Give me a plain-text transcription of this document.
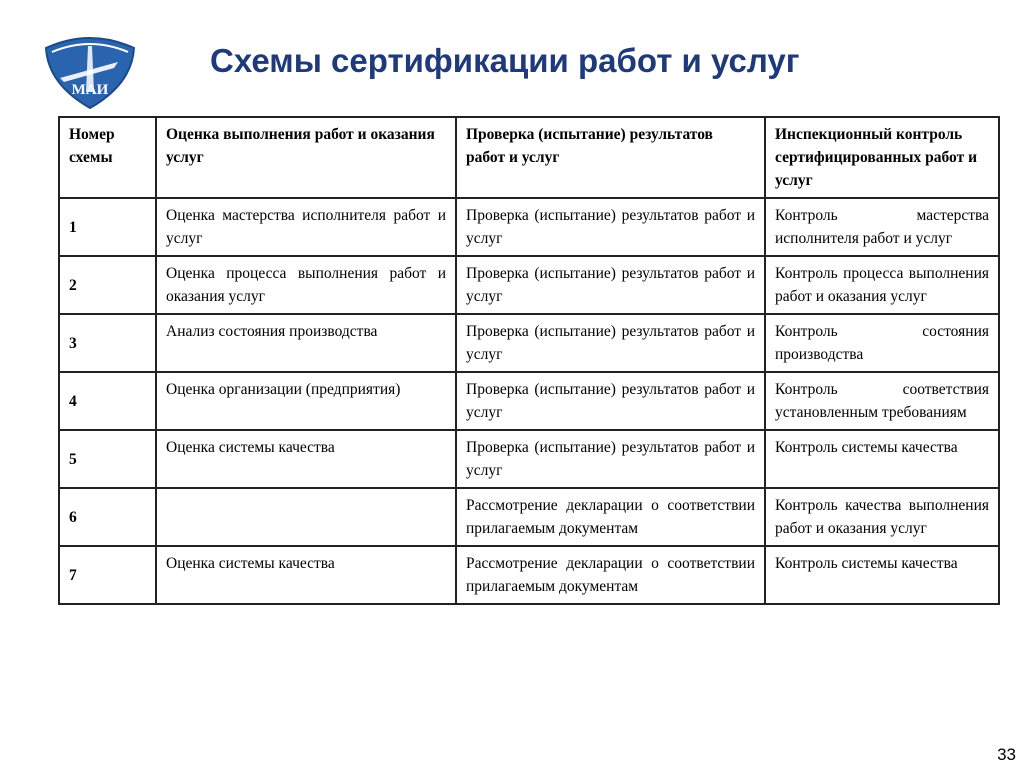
МАИ
Схемы сертификации работ и услуг
Номер схемы	Оценка выполнения работ и оказания услуг	Проверка (испытание) результатов работ и услуг	Инспекционный контроль сертифицированных работ и услуг
1	Оценка мастерства исполнителя работ и услуг	Проверка (испытание) результатов работ и услуг	Контроль мастерства исполнителя работ и услуг
2	Оценка процесса выполнения работ и оказания услуг	Проверка (испытание) результатов работ и услуг	Контроль процесса выполнения работ и оказания услуг
3	Анализ состояния производства	Проверка (испытание) результатов работ и услуг	Контроль состояния производства
4	Оценка организации (предприятия)	Проверка (испытание) результатов работ и услуг	Контроль соответствия установленным требованиям
5	Оценка системы качества	Проверка (испытание) результатов работ и услуг	Контроль системы качества
6		Рассмотрение декларации о соответствии прилагаемым документам	Контроль качества выполнения работ и оказания услуг
7	Оценка системы качества	Рассмотрение декларации о соответствии прилагаемым документам	Контроль системы качества
33
